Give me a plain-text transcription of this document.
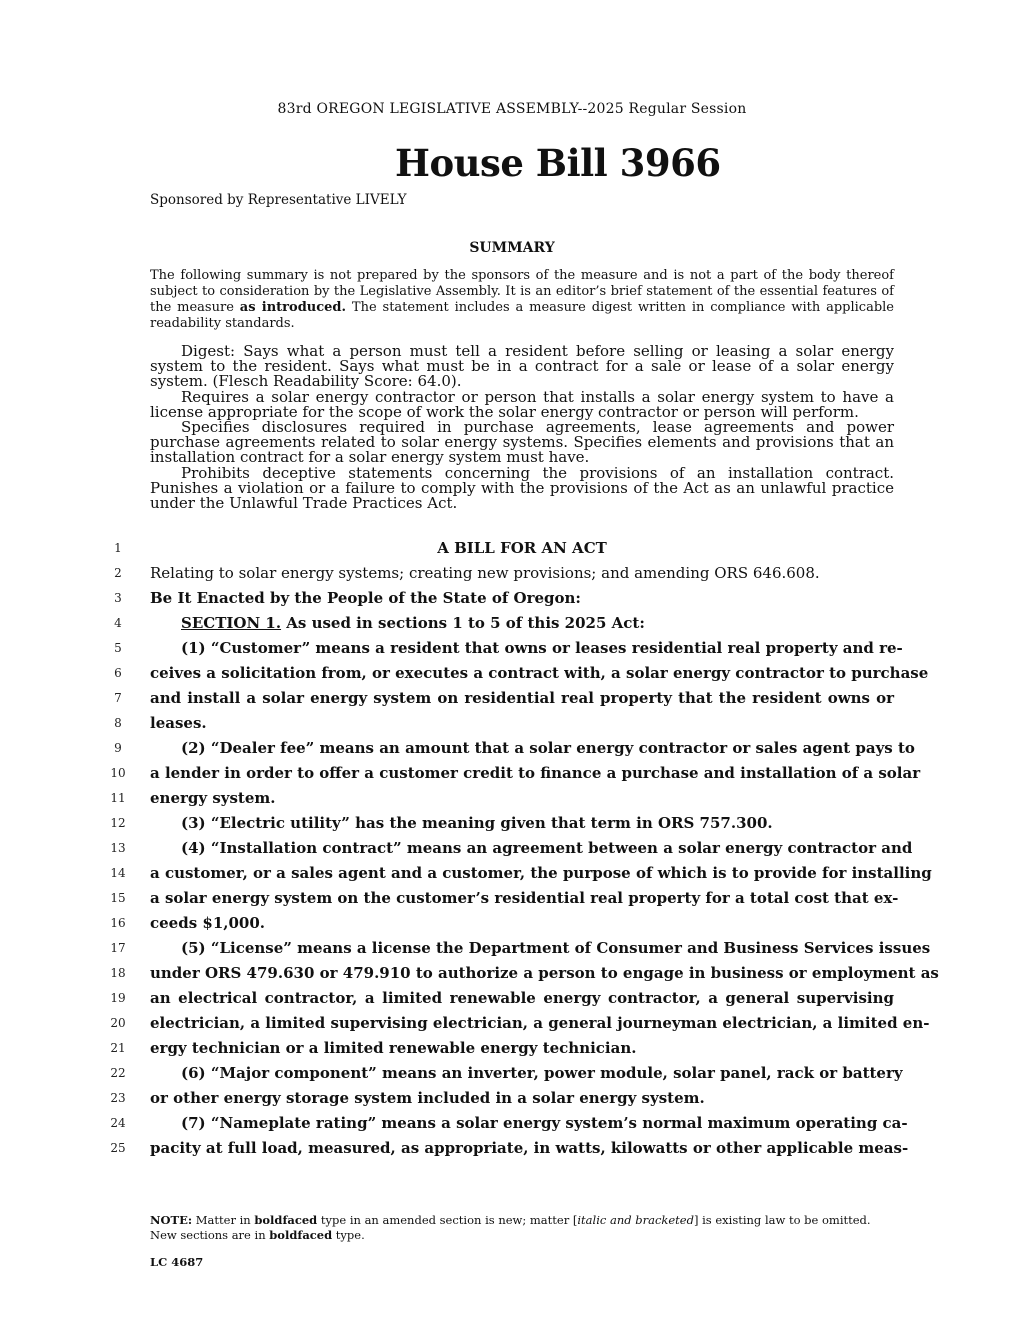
83rd OREGON LEGISLATIVE ASSEMBLY--2025 Regular Session
House Bill 3966
Sponsored by Representative LIVELY
SUMMARY
The following summary is not prepared by the sponsors of the measure and is not a part of the body thereof subject to consideration by the Legislative Assembly. It is an editor’s brief statement of the essential features of the measure as introduced. The statement includes a measure digest written in compliance with applicable readability standards.

Digest: Says what a person must tell a resident before selling or leasing a solar energy system to the resident. Says what must be in a contract for a sale or lease of a solar energy system. (Flesch Readability Score: 64.0).

Requires a solar energy contractor or person that installs a solar energy system to have a license appropriate for the scope of work the solar energy contractor or person will perform.

Specifies disclosures required in purchase agreements, lease agreements and power purchase agreements related to solar energy systems. Specifies elements and provisions that an installation contract for a solar energy system must have.

Prohibits deceptive statements concerning the provisions of an installation contract. Punishes a violation or a failure to comply with the provisions of the Act as an unlawful practice under the Unlawful Trade Practices Act.

1	A BILL FOR AN ACT
2	Relating to solar energy systems; creating new provisions; and amending ORS 646.608.
3	Be It Enacted by the People of the State of Oregon:
4	SECTION 1. As used in sections 1 to 5 of this 2025 Act:
5	(1) “Customer” means a resident that owns or leases residential real property and re-
6	ceives a solicitation from, or executes a contract with, a solar energy contractor to purchase
7	and install a solar energy system on residential real property that the resident owns or
8	leases.
9	(2) “Dealer fee” means an amount that a solar energy contractor or sales agent pays to
10	a lender in order to offer a customer credit to finance a purchase and installation of a solar
11	energy system.
12	(3) “Electric utility” has the meaning given that term in ORS 757.300.
13	(4) “Installation contract” means an agreement between a solar energy contractor and
14	a customer, or a sales agent and a customer, the purpose of which is to provide for installing
15	a solar energy system on the customer’s residential real property for a total cost that ex-
16	ceeds $1,000.
17	(5) “License” means a license the Department of Consumer and Business Services issues
18	under ORS 479.630 or 479.910 to authorize a person to engage in business or employment as
19	an electrical contractor, a limited renewable energy contractor, a general supervising
20	electrician, a limited supervising electrician, a general journeyman electrician, a limited en-
21	ergy technician or a limited renewable energy technician.
22	(6) “Major component” means an inverter, power module, solar panel, rack or battery
23	or other energy storage system included in a solar energy system.
24	(7) “Nameplate rating” means a solar energy system’s normal maximum operating ca-
25	pacity at full load, measured, as appropriate, in watts, kilowatts or other applicable meas-

NOTE: Matter in boldfaced type in an amended section is new; matter [italic and bracketed] is existing law to be omitted.

New sections are in boldfaced type.

LC 4687
